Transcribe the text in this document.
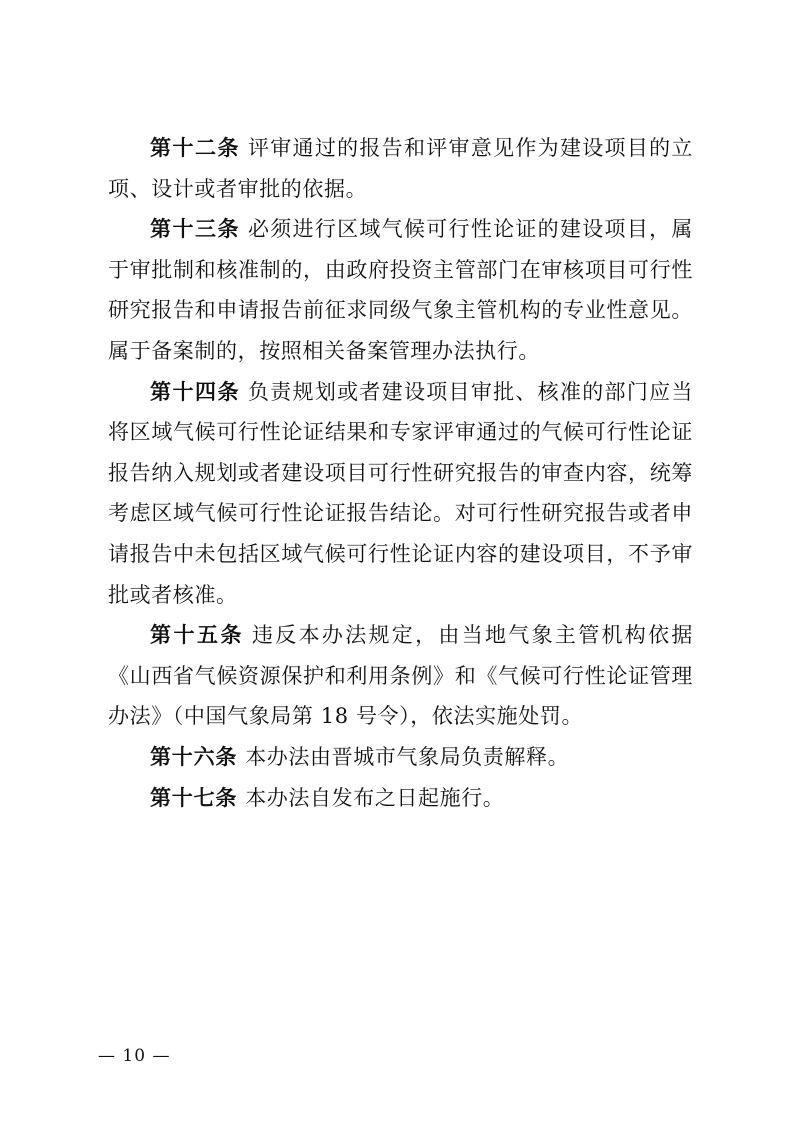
第十二条 评审通过的报告和评审意见作为建设项目的立项、设计或者审批的依据。

第十三条 必须进行区域气候可行性论证的建设项目，属于审批制和核准制的，由政府投资主管部门在审核项目可行性研究报告和申请报告前征求同级气象主管机构的专业性意见。属于备案制的，按照相关备案管理办法执行。

第十四条 负责规划或者建设项目审批、核准的部门应当将区域气候可行性论证结果和专家评审通过的气候可行性论证报告纳入规划或者建设项目可行性研究报告的审查内容，统筹考虑区域气候可行性论证报告结论。对可行性研究报告或者申请报告中未包括区域气候可行性论证内容的建设项目，不予审批或者核准。

第十五条 违反本办法规定，由当地气象主管机构依据《山西省气候资源保护和利用条例》和《气候可行性论证管理办法》（中国气象局第 18 号令），依法实施处罚。

第十六条 本办法由晋城市气象局负责解释。

第十七条 本办法自发布之日起施行。

— 10 —
